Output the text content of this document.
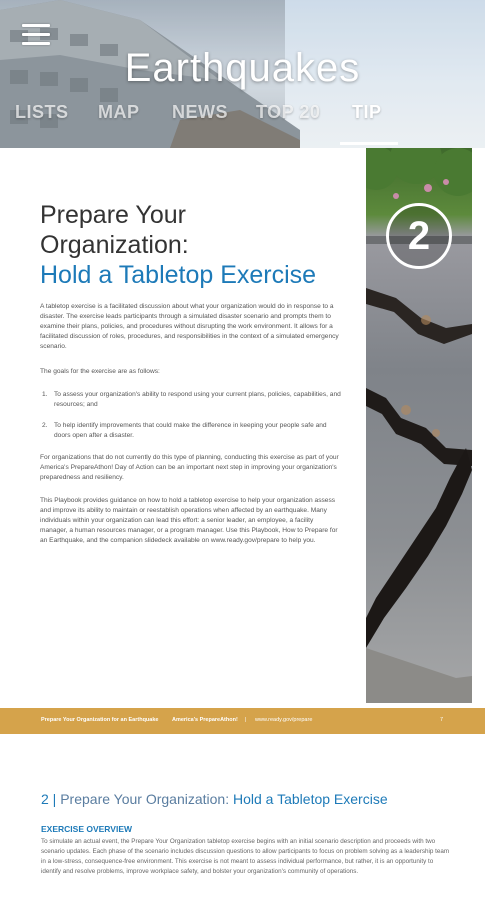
Earthquakes
LISTS MAP NEWS TOP 20 TIP
Prepare Your
Organization:
Hold a Tabletop Exercise
A tabletop exercise is a facilitated discussion about what your organization would do in response to a disaster. The exercise leads participants through a simulated disaster scenario and prompts them to examine their plans, policies, and procedures without disrupting the work environment. It allows for a facilitated discussion of roles, procedures, and responsibilities in the context of a simulated emergency scenario.
The goals for the exercise are as follows:
1. To assess your organization's ability to respond using your current plans, policies, capabilities, and resources; and
2. To help identify improvements that could make the difference in keeping your people safe and doors open after a disaster.
For organizations that do not currently do this type of planning, conducting this exercise as part of your America's PrepareAthon! Day of Action can be an important next step in improving your organization's preparedness and resiliency.
This Playbook provides guidance on how to hold a tabletop exercise to help your organization assess and improve its ability to maintain or reestablish operations when affected by an earthquake. Many individuals within your organization can lead this effort: a senior leader, an employee, a facility manager, a human resources manager, or a program manager. Use this Playbook, How to Prepare for an Earthquake, and the companion slidedeck available on www.ready.gov/prepare to help you.
2
Prepare Your Organization for an Earthquake America's PrepareAthon! | www.ready.gov/prepare	7
2 | Prepare Your Organization: Hold a Tabletop Exercise
EXERCISE OVERVIEW
To simulate an actual event, the Prepare Your Organization tabletop exercise begins with an initial scenario description and proceeds with two scenario updates. Each phase of the scenario includes discussion questions to allow participants to focus on problem solving as a leadership team in a low-stress, consequence-free environment. This exercise is not meant to assess individual performance, but rather, it is an opportunity to identify and resolve problems, improve workplace safety, and bolster your organization's community of operations.
